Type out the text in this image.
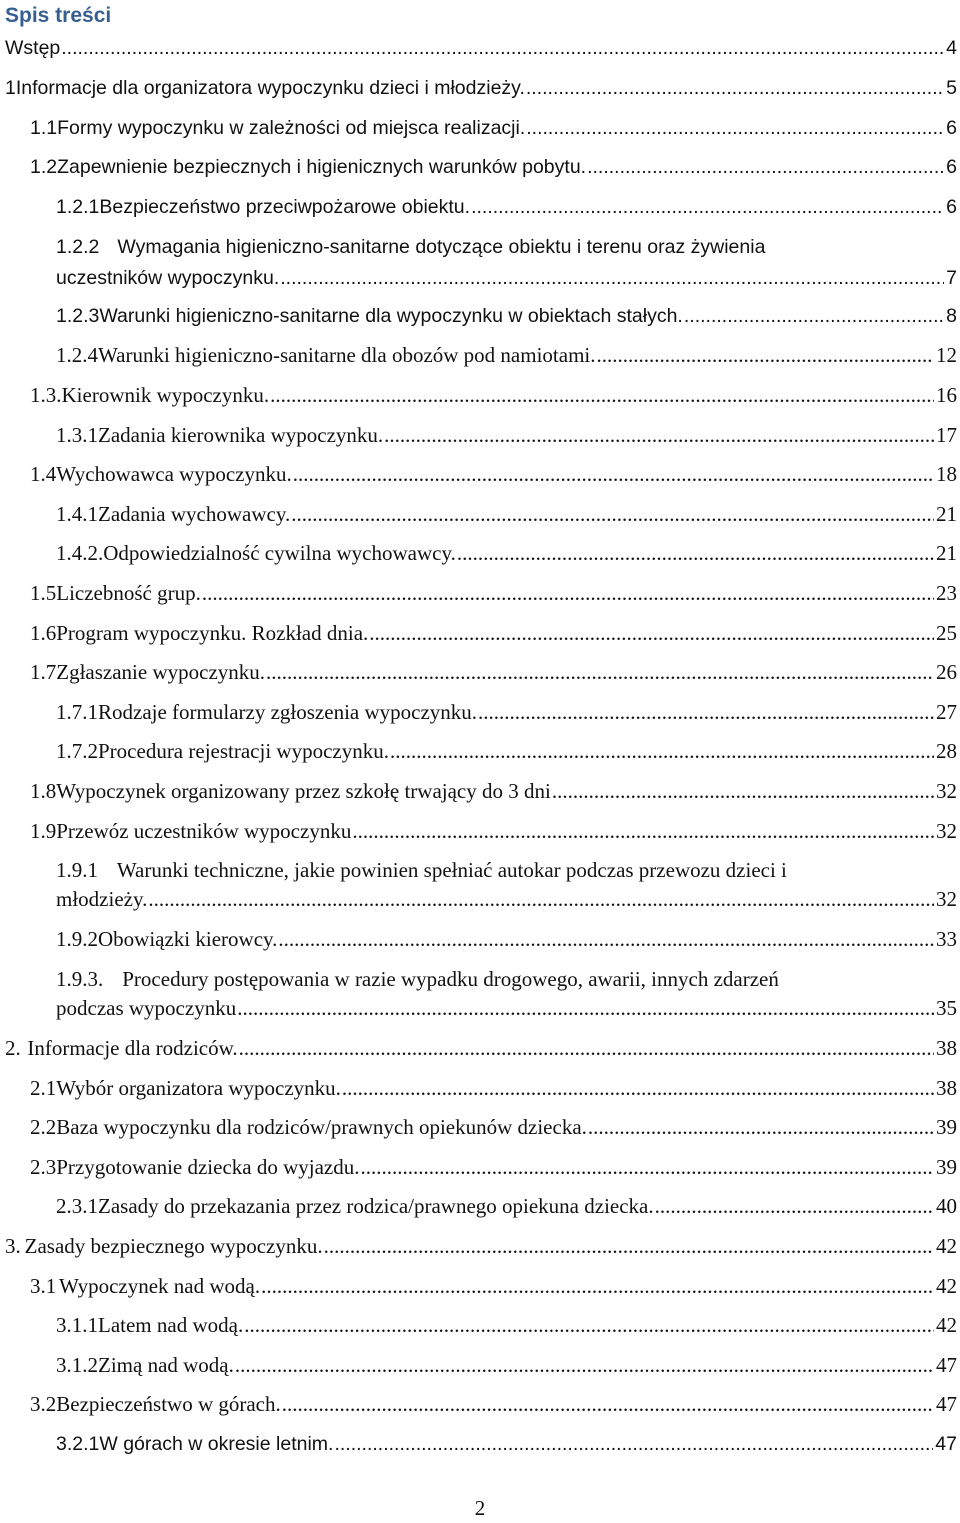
Spis treści
Wstęp .....	4
1 Informacje dla organizatora wypoczynku dzieci i młodzieży. .....	5
1.1 Formy wypoczynku w zależności od miejsca realizacji. .....	6
1.2 Zapewnienie bezpiecznych i higienicznych warunków pobytu. .....	6
1.2.1 Bezpieczeństwo przeciwpożarowe obiektu. .....	6
1.2.2 Wymagania higieniczno-sanitarne dotyczące obiektu i terenu oraz żywienia
uczestników wypoczynku. .....	7
1.2.3 Warunki higieniczno-sanitarne dla wypoczynku w obiektach stałych. .....	8
1.2.4 Warunki higieniczno-sanitarne dla obozów pod namiotami. .....	12
1.3. Kierownik wypoczynku. .....	16
1.3.1 Zadania kierownika wypoczynku. .....	17
1.4 Wychowawca wypoczynku. .....	18
1.4.1 Zadania wychowawcy. .....	21
1.4.2. Odpowiedzialność cywilna wychowawcy. .....	21
1.5 Liczebność grup. .....	23
1.6 Program wypoczynku. Rozkład dnia. .....	25
1.7 Zgłaszanie wypoczynku. .....	26
1.7.1 Rodzaje formularzy zgłoszenia wypoczynku. .....	27
1.7.2 Procedura rejestracji wypoczynku. .....	28
1.8 Wypoczynek organizowany przez szkołę trwający do 3 dni .....	32
1.9 Przewóz uczestników wypoczynku .....	32
1.9.1 Warunki techniczne, jakie powinien spełniać autokar podczas przewozu dzieci i
młodzieży. .....	32
1.9.2 Obowiązki kierowcy. .....	33
1.9.3. Procedury postępowania w razie wypadku drogowego, awarii, innych zdarzeń
podczas wypoczynku .....	35
2. Informacje dla rodziców. .....	38
2.1 Wybór organizatora wypoczynku. .....	38
2.2 Baza wypoczynku dla rodziców/prawnych opiekunów dziecka. .....	39
2.3 Przygotowanie dziecka do wyjazdu. .....	39
2.3.1 Zasady do przekazania przez rodzica/prawnego opiekuna dziecka. .....	40
3. Zasady bezpiecznego wypoczynku. .....	42
3.1 Wypoczynek nad wodą. .....	42
3.1.1 Latem nad wodą. .....	42
3.1.2 Zimą nad wodą. .....	47
3.2 Bezpieczeństwo w górach. .....	47
3.2.1 W górach w okresie letnim. .....	47
2
